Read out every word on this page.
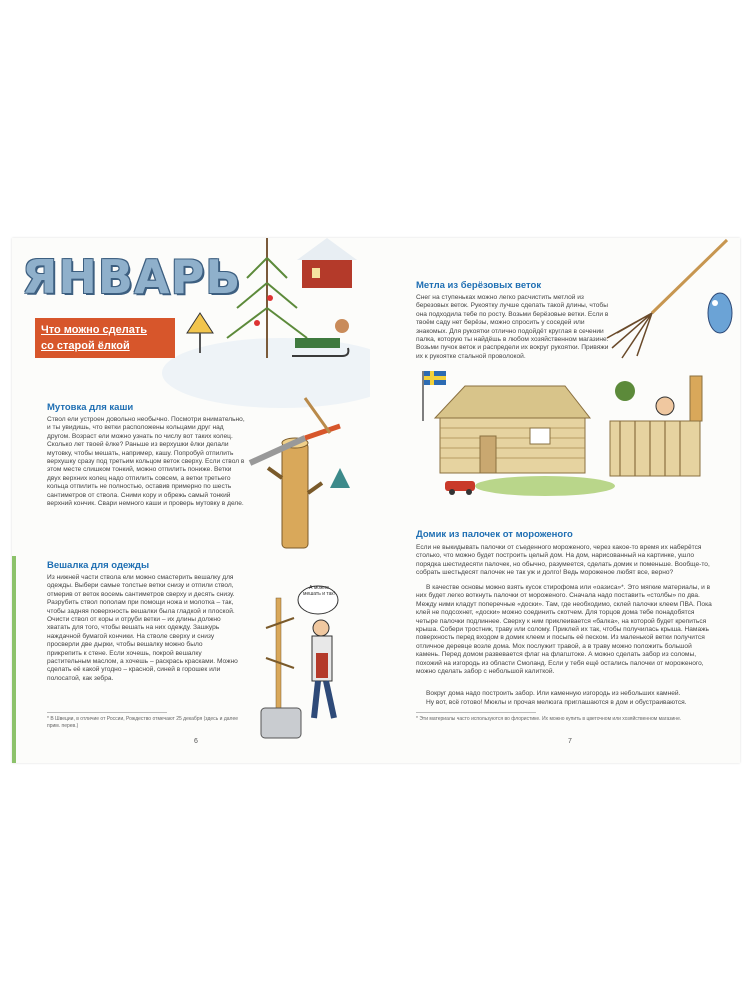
ЯНВАРЬ
Что можно сделать
со старой ёлкой
Мутовка для каши

Ствол ели устроен довольно необычно. Посмотри внимательно, и ты увидишь, что ветки расположены кольцами друг над другом. Возраст ели можно узнать по числу вот таких колец. Сколько лет твоей ёлке? Раньше из верхушки ёлки делали мутовку, чтобы мешать, например, кашу. Попробуй отпилить верхушку сразу под третьим кольцом веток сверху. Если ствол в этом месте слишком тонкий, можно отпилить пониже. Ветки двух верхних колец надо отпилить совсем, а ветки третьего кольца отпилить не полностью, оставив примерно по шесть сантиметров от ствола. Сними кору и обрежь самый тонкий верхний кончик. Свари немного каши и проверь мутовку в деле.

Вешалка для одежды

Из нижней части ствола ели можно смастерить вешалку для одежды. Выбери самые толстые ветки снизу и отпили ствол, отмерив от веток восемь сантиметров сверху и десять снизу. Разрубить ствол пополам при помощи ножа и молотка – так, чтобы задняя поверхность вешалки была гладкой и плоской. Очисти ствол от коры и отруби ветки – их длины должно хватать для того, чтобы вешать на них одежду. Зашкурь наждачной бумагой кончики. На стволе сверху и снизу просверли две дырки, чтобы вешалку можно было прикрепить к стене. Если хочешь, покрой вешалку растительным маслом, а хочешь – раскрась красками. Можно сделать её какой угодно – красной, синей в горошек или полосатой, как зебра.

А можно мешать и так!
* В Швеции, в отличие от России, Рождество отмечают 25 декабря (здесь и далее прим. перев.)
6
Метла из берёзовых веток

Снег на ступеньках можно легко расчистить метлой из березовых веток. Рукоятку лучше сделать такой длины, чтобы она подходила тебе по росту. Возьми берёзовые ветки. Если в твоём саду нет берёзы, можно спросить у соседей или знакомых. Для рукоятки отлично подойдёт круглая в сечении палка, которую ты найдёшь в любом хозяйственном магазине. Возьми пучок веток и распредели их вокруг рукоятки. Привяжи их к рукоятке стальной проволокой.

Домик из палочек от мороженого

Если не выкидывать палочки от съеденного мороженого, через какое-то время их наберётся столько, что можно будет построить целый дом. На дом, нарисованный на картинке, ушло порядка шестидесяти палочек, но обычно, разумеется, сделать домик и поменьше. Вообще-то, собрать шестьдесят палочек не так уж и долго! Ведь мороженое любят все, верно?

В качестве основы можно взять кусок стирофома или «оазиса»*. Это мягкие материалы, и в них будет легко воткнуть палочки от мороженого. Сначала надо поставить «столбы» по два. Между ними кладут поперечные «доски». Там, где необходимо, склей палочки клеем ПВА. Пока клей не подсохнет, «доски» можно соединить скотчем. Для торцов дома тебе понадобятся четыре палочки подлиннее. Сверху к ним приклеивается «балка», на которой будет крепиться крыша. Собери тростник, траву или солому. Приклей их так, чтобы получилась крыша. Намажь поверхность перед входом в домик клеем и посыпь её песком. Из маленькой ветки получится отличное деревце возле дома. Мох послужит травой, а в траву можно положить большой камень. Перед домом развевается флаг на флагштоке. А можно сделать забор из соломы, похожий на изгородь из области Смоланд. Если у тебя ещё остались палочки от мороженого, можно сделать забор с небольшой калиткой.

Вокруг дома надо построить забор. Или каменную изгородь из небольших камней.

Ну вот, всё готово! Мюклы и прочая мелюзга приглашаются в дом и обустраиваются.

* Эти материалы часто используются во флористике. Их можно купить в цветочном или хозяйственном магазине.
7
